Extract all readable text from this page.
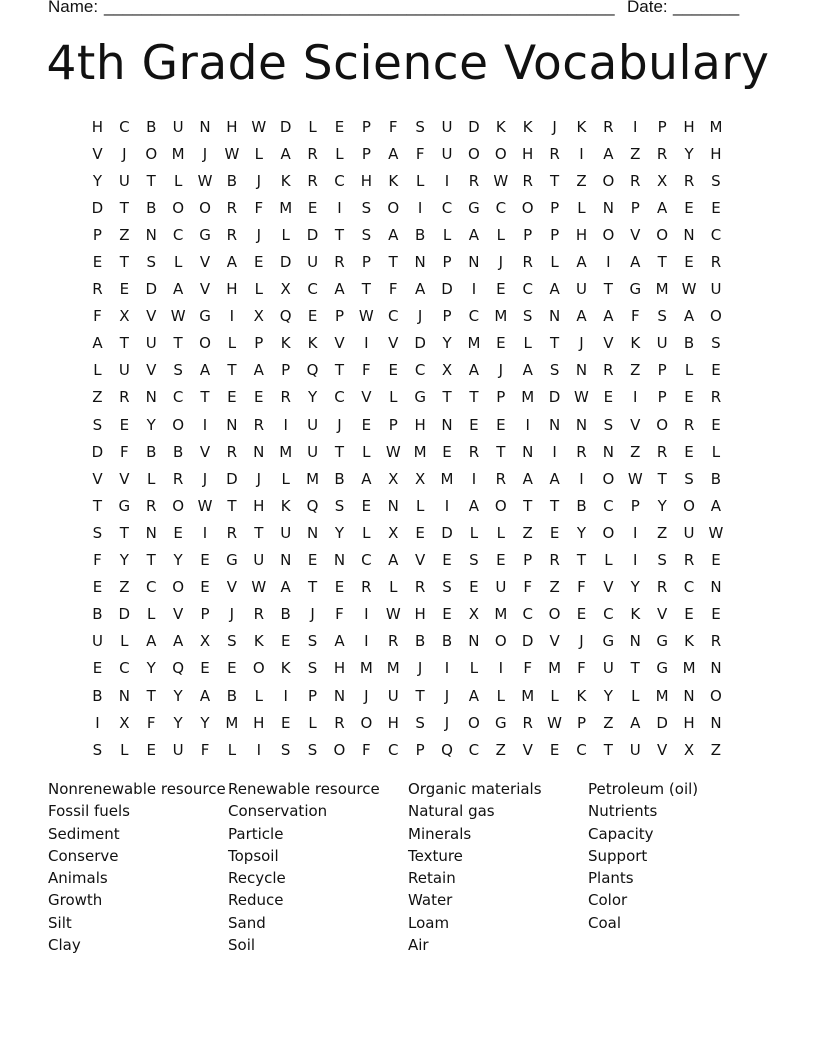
Name: ______________________________________________________ Date: _______
4th Grade Science Vocabulary
H	C	B	U	N	H W D	L	E	P	F	S	U	D	K	K	J	K	R	I	P	H M
V	J	O M	J	W	L	A	R	L	P	A	F	U	O	O	H	R	I	A	Z	R	Y	H
Y	U	T	L	W B	J	K	R	C	H	K	L	I	R W R	T	Z	O	R	X	R	S
D	T	B	O	O	R	F	M	E	I	S	O	I	C	G	C	O	P	L	N	P	A	E	E
P	Z	N	C	G	R	J	L	D	T	S	A	B	L	A	L	P	P	H	O	V	O	N	C
E	T	S	L	V	A	E	D	U	R	P	T	N	P	N	J	R	L	A	I	A	T	E	R
R	E	D	A	V	H	L	X	C	A	T	F	A	D	I	E	C	A	U	T	G M W U
F	X	V W G	I	X	Q	E	P W C	J	P	C	M	S	N	A	A	F	S	A	O
A	T	U	T	O	L	P	K	K	V	I	V	D	Y	M	E	L	T	J	V	K	U	B	S
L	U	V	S	A	T	A	P	Q	T	F	E	C	X	A	J	A	S	N	R	Z	P	L	E
Z	R	N	C	T	E	E	R	Y	C	V	L	G	T	T	P	M D W E	I	P	E	R
S	E	Y	O	I	N	R	I	U	J	E	P	H	N	E	E	I	N	N	S	V	O	R	E
D	F	B	B	V	R	N M U	T	L	W M	E	R	T	N	I	R	N	Z	R	E	L
V	V	L	R	J	D	J	L	M	B	A	X	X	M	I	R	A	A	I	O W T	S	B
T	G	R	O W T	H	K	Q	S	E	N	L	I	A	O	T	T	B	C	P	Y	O	A
S	T	N	E	I	R	T	U	N	Y	L	X	E	D	L	L	Z	E	Y	O	I	Z	U W
F	Y	T	Y	E	G	U	N	E	N	C	A	V	E	S	E	P	R	T	L	I	S	R	E
E	Z	C	O	E	V W A	T	E	R	L	R	S	E	U	F	Z	F	V	Y	R	C	N
B	D	L	V	P	J	R	B	J	F	I	W H	E	X	M	C	O	E	C	K	V	E	E
U	L	A	A	X	S	K	E	S	A	I	R	B	B	N	O	D	V	J	G	N	G	K	R
E	C	Y	Q	E	E	O	K	S	H M M	J	I	L	I	F	M	F	U	T	G M N
B	N	T	Y	A	B	L	I	P	N	J	U	T	J	A	L	M	L	K	Y	L	M N	O
I	X	F	Y	Y	M H	E	L	R	O	H	S	J	O	G	R W P	Z	A	D	H	N
S	L	E	U	F	L	I	S	S	O	F	C	P	Q	C	Z	V	E	C	T	U	V	X	Z
Nonrenewable resource
Fossil fuels
Sediment
Conserve
Animals
Growth
Silt
Clay
Renewable resource
Conservation
Particle
Topsoil
Recycle
Reduce
Sand
Soil
Organic materials
Natural gas
Minerals
Texture
Retain
Water
Loam
Air
Petroleum (oil)
Nutrients
Capacity
Support
Plants
Color
Coal
